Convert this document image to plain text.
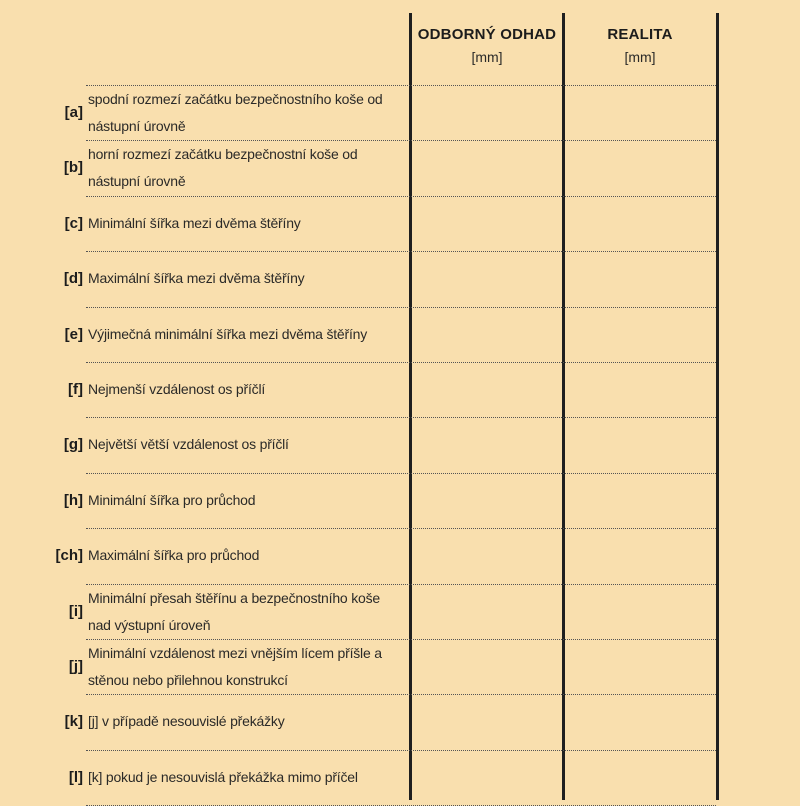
ODBORNÝ ODHAD
[mm]
REALITA
[mm]
[a]
spodní rozmezí začátku bezpečnostního koše od nástupní úrovně
[b]
horní rozmezí začátku bezpečnostní koše od nástupní úrovně
[c] Minimální šířka mezi dvěma štěříny
[d] Maximální šířka mezi dvěma štěříny
[e] Výjimečná minimální šířka mezi dvěma štěříny
[f] Nejmenší vzdálenost os příčlí
[g] Největší větší vzdálenost os příčlí
[h] Minimální šířka pro průchod
[ch] Maximální šířka pro průchod
[i]
Minimální přesah štěřínu a bezpečnostního koše nad výstupní úroveň
[j]
Minimální vzdálenost mezi vnějším lícem příšle a stěnou nebo přilehnou konstrukcí
[k] [j] v případě nesouvislé překážky
[l] [k] pokud je nesouvislá překážka mimo příčel
